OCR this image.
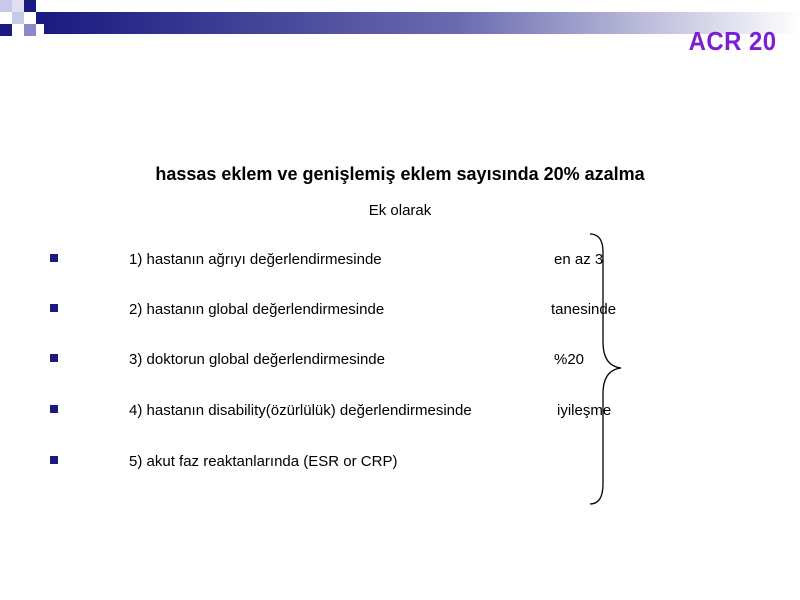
ACR 20
hassas eklem ve genişlemiş eklem sayısında 20% azalma
Ek olarak
1) hastanın ağrıyı değerlendirmesinde	en az 3
2) hastanın global değerlendirmesinde	tanesinde
3) doktorun global değerlendirmesinde	%20
4) hastanın disability(özürlülük) değerlendirmesinde	iyileşme
5) akut faz reaktanlarında (ESR or CRP)
